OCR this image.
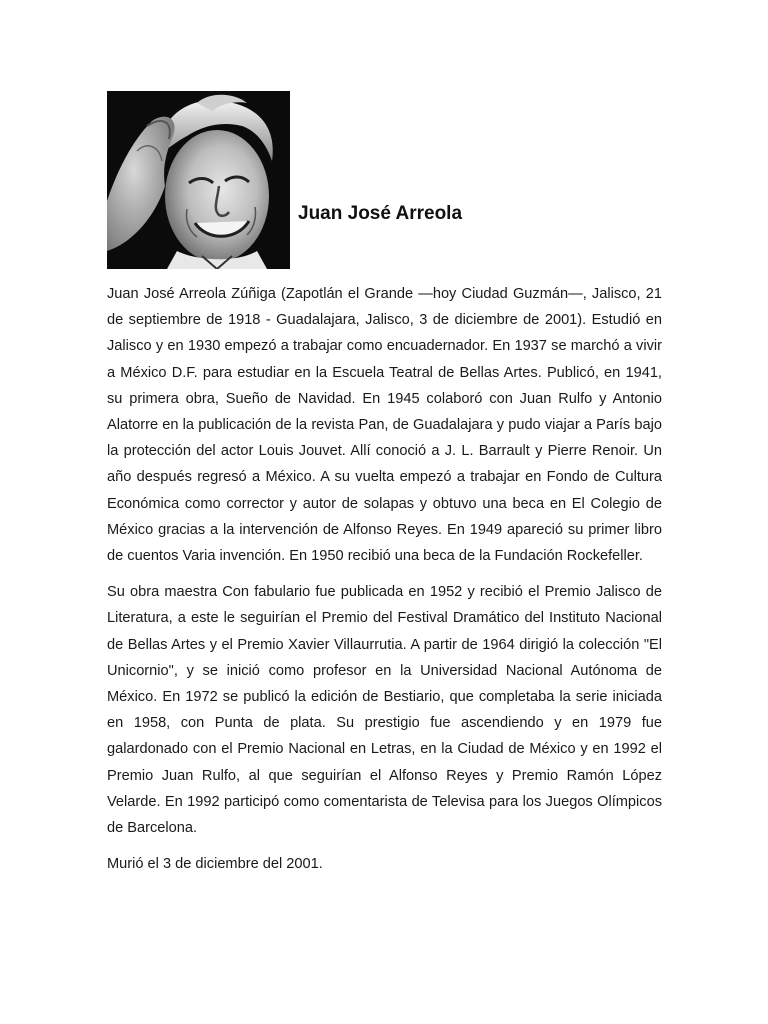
Juan José Arreola

Juan José Arreola Zúñiga (Zapotlán el Grande —hoy Ciudad Guzmán—, Jalisco, 21 de septiembre de 1918 - Guadalajara, Jalisco, 3 de diciembre de 2001). Estudió en Jalisco y en 1930 empezó a trabajar como encuadernador. En 1937 se marchó a vivir a México D.F. para estudiar en la Escuela Teatral de Bellas Artes. Publicó, en 1941, su primera obra, Sueño de Navidad. En 1945 colaboró con Juan Rulfo y Antonio Alatorre en la publicación de la revista Pan, de Guadalajara y pudo viajar a París bajo la protección del actor Louis Jouvet. Allí conoció a J. L. Barrault y Pierre Renoir. Un año después regresó a México. A su vuelta empezó a trabajar en Fondo de Cultura Económica como corrector y autor de solapas y obtuvo una beca en El Colegio de México gracias a la intervención de Alfonso Reyes. En 1949 apareció su primer libro de cuentos Varia invención. En 1950 recibió una beca de la Fundación Rockefeller.

Su obra maestra Con fabulario fue publicada en 1952 y recibió el Premio Jalisco de Literatura, a este le seguirían el Premio del Festival Dramático del Instituto Nacional de Bellas Artes y el Premio Xavier Villaurrutia. A partir de 1964 dirigió la colección "El Unicornio", y se inició como profesor en la Universidad Nacional Autónoma de México. En 1972 se publicó la edición de Bestiario, que completaba la serie iniciada en 1958, con Punta de plata. Su prestigio fue ascendiendo y en 1979 fue galardonado con el Premio Nacional en Letras, en la Ciudad de México y en 1992 el Premio Juan Rulfo, al que seguirían el Alfonso Reyes y Premio Ramón López Velarde. En 1992 participó como comentarista de Televisa para los Juegos Olímpicos de Barcelona.

Murió el 3 de diciembre del 2001.
